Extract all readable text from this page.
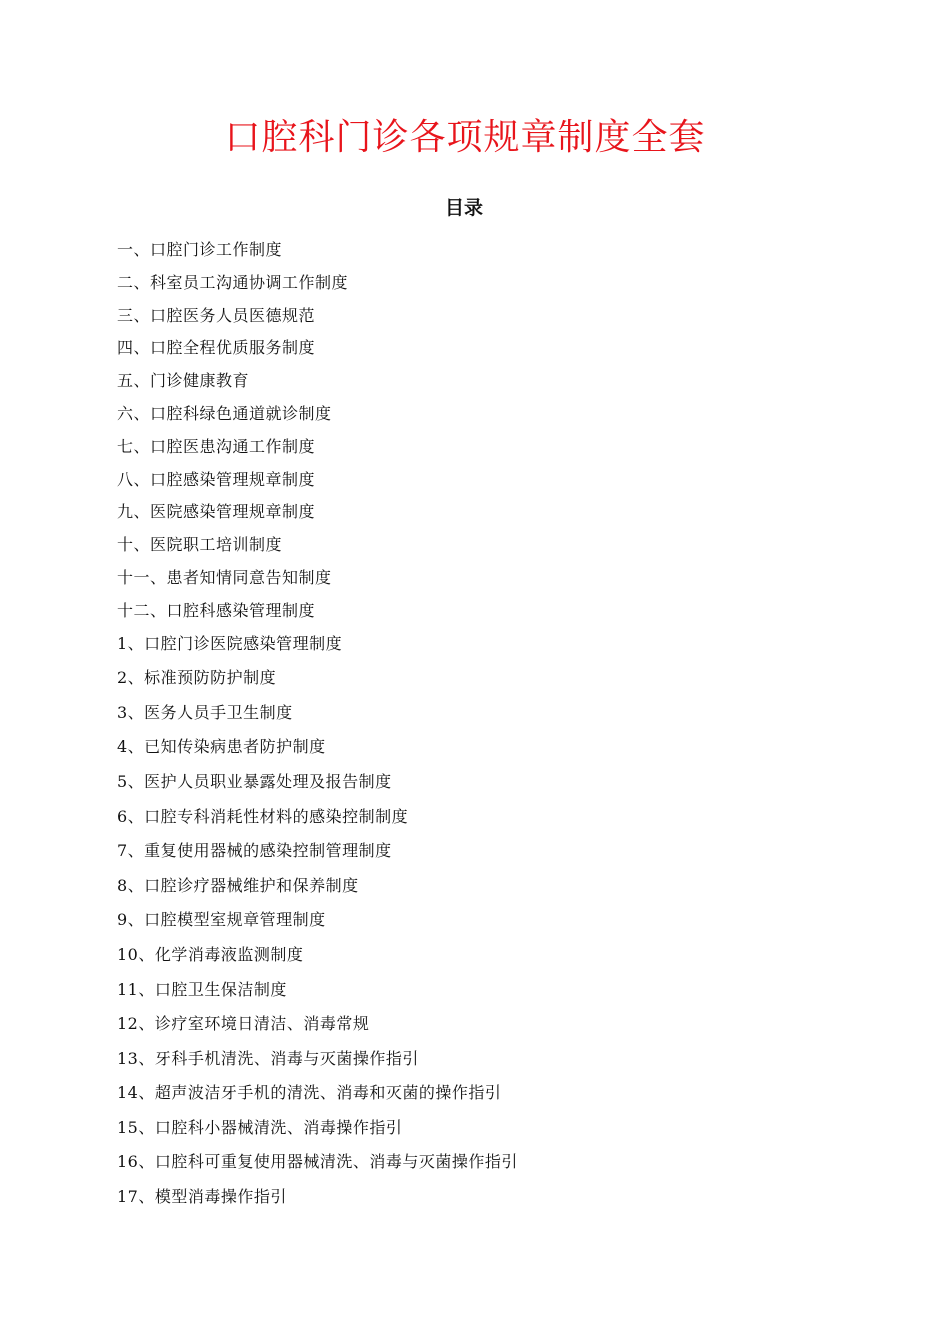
口腔科门诊各项规章制度全套
目录
一、口腔门诊工作制度
二、科室员工沟通协调工作制度
三、口腔医务人员医德规范
四、口腔全程优质服务制度
五、门诊健康教育
六、口腔科绿色通道就诊制度
七、口腔医患沟通工作制度
八、口腔感染管理规章制度
九、医院感染管理规章制度
十、医院职工培训制度
十一、患者知情同意告知制度
十二、口腔科感染管理制度
1、口腔门诊医院感染管理制度
2、标准预防防护制度
3、医务人员手卫生制度
4、已知传染病患者防护制度
5、医护人员职业暴露处理及报告制度
6、口腔专科消耗性材料的感染控制制度
7、重复使用器械的感染控制管理制度
8、口腔诊疗器械维护和保养制度
9、口腔模型室规章管理制度
10、化学消毒液监测制度
11、口腔卫生保洁制度
12、诊疗室环境日清洁、消毒常规
13、牙科手机清洗、消毒与灭菌操作指引
14、超声波洁牙手机的清洗、消毒和灭菌的操作指引
15、口腔科小器械清洗、消毒操作指引
16、口腔科可重复使用器械清洗、消毒与灭菌操作指引
17、模型消毒操作指引
